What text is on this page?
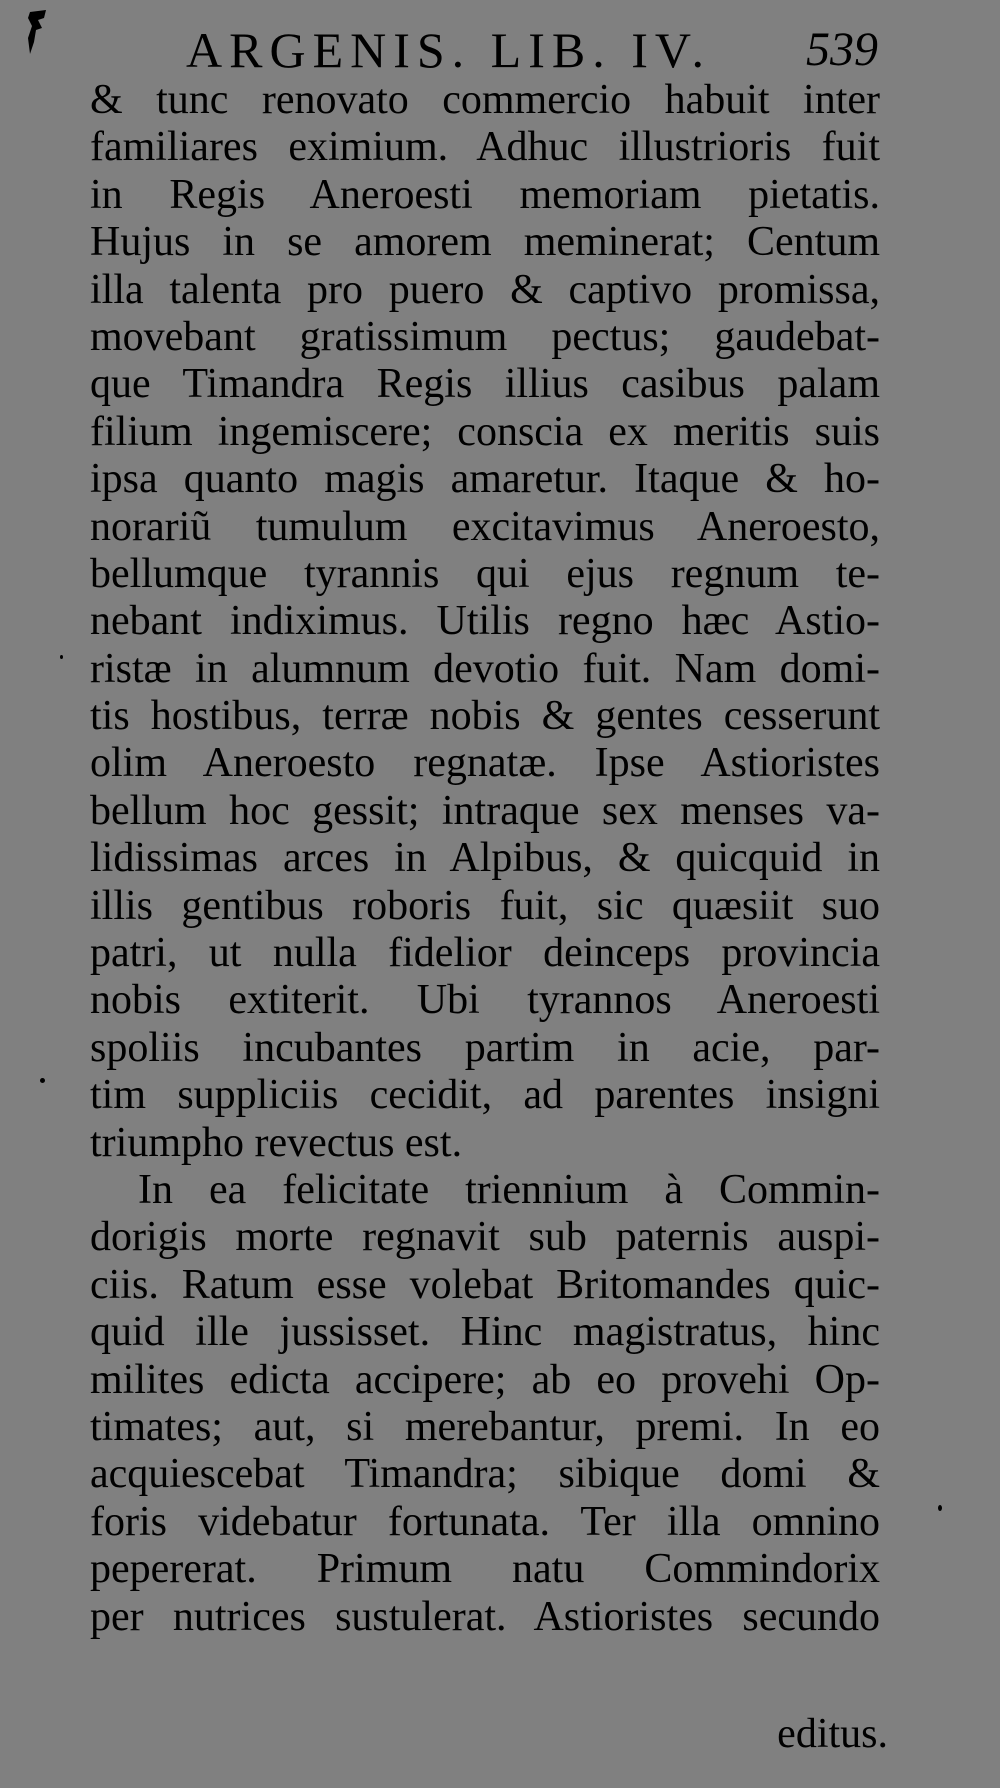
ARGENIS. LIB. IV. 539
& tunc renovato commercio habuit inter
familiares eximium. Adhuc illustrioris fuit
in Regis Aneroesti memoriam pietatis.
Hujus in se amorem meminerat; Centum
illa talenta pro puero & captivo promissa,
movebant gratissimum pectus; gaudebat-
que Timandra Regis illius casibus palam
filium ingemiscere; conscia ex meritis suis
ipsa quanto magis amaretur. Itaque & ho-
norariũ tumulum excitavimus Aneroesto,
bellumque tyrannis qui ejus regnum te-
nebant indiximus. Utilis regno hæc Astio-
ristæ in alumnum devotio fuit. Nam domi-
tis hostibus, terræ nobis & gentes cesserunt
olim Aneroesto regnatæ. Ipse Astioristes
bellum hoc gessit; intraque sex menses va-
lidissimas arces in Alpibus, & quicquid in
illis gentibus roboris fuit, sic quæsiit suo
patri, ut nulla fidelior deinceps provincia
nobis extiterit. Ubi tyrannos Aneroesti
spoliis incubantes partim in acie, par-
tim suppliciis cecidit, ad parentes insigni
triumpho revectus est.
In ea felicitate triennium à Commin-
dorigis morte regnavit sub paternis auspi-
ciis. Ratum esse volebat Britomandes quic-
quid ille jussisset. Hinc magistratus, hinc
milites edicta accipere; ab eo provehi Op-
timates; aut, si merebantur, premi. In eo
acquiescebat Timandra; sibique domi &
foris videbatur fortunata. Ter illa omnino
pepererat. Primum natu Commindorix
per nutrices sustulerat. Astioristes secundo
editus.
